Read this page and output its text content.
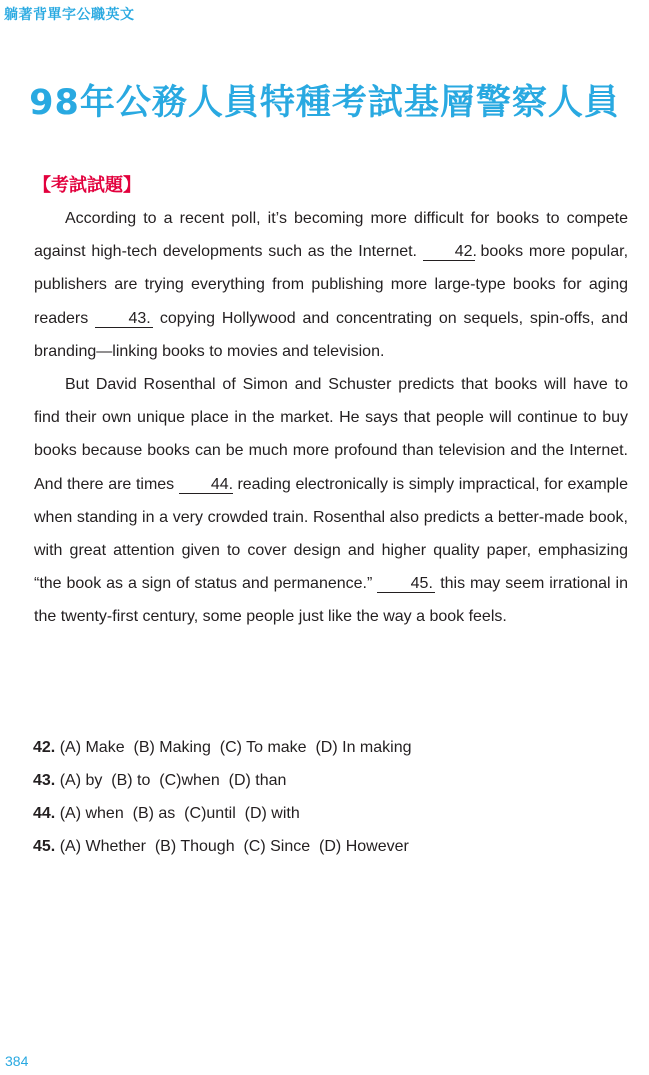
躺著背單字公職英文
98年公務人員特種考試基層警察人員
【考試試題】

According to a recent poll, it’s becoming more difficult for books to compete against high-tech developments such as the Internet. 42. books more popular, publishers are trying everything from publishing more large-type books for aging readers	43. copying Hollywood and concentrating on sequels, spin-offs, and branding—linking books to movies and television.

But David Rosenthal of Simon and Schuster predicts that books will have to find their own unique place in the market. He says that people will continue to buy books because books can be much more profound than television and the Internet. And there are times 44. reading electronically is simply impractical, for example when standing in a very crowded train. Rosenthal also predicts a better-made book, with great attention given to cover design and higher quality paper, emphasizing “the book as a sign of status and permanence.” 45. this may seem irrational in the twenty-first century, some people just like the way a book feels.

42. (A) Make  (B) Making  (C) To make  (D) In making
43. (A) by  (B) to  (C)when  (D) than
44. (A) when  (B) as  (C)until  (D) with
45. (A) Whether  (B) Though  (C) Since  (D) However
384
